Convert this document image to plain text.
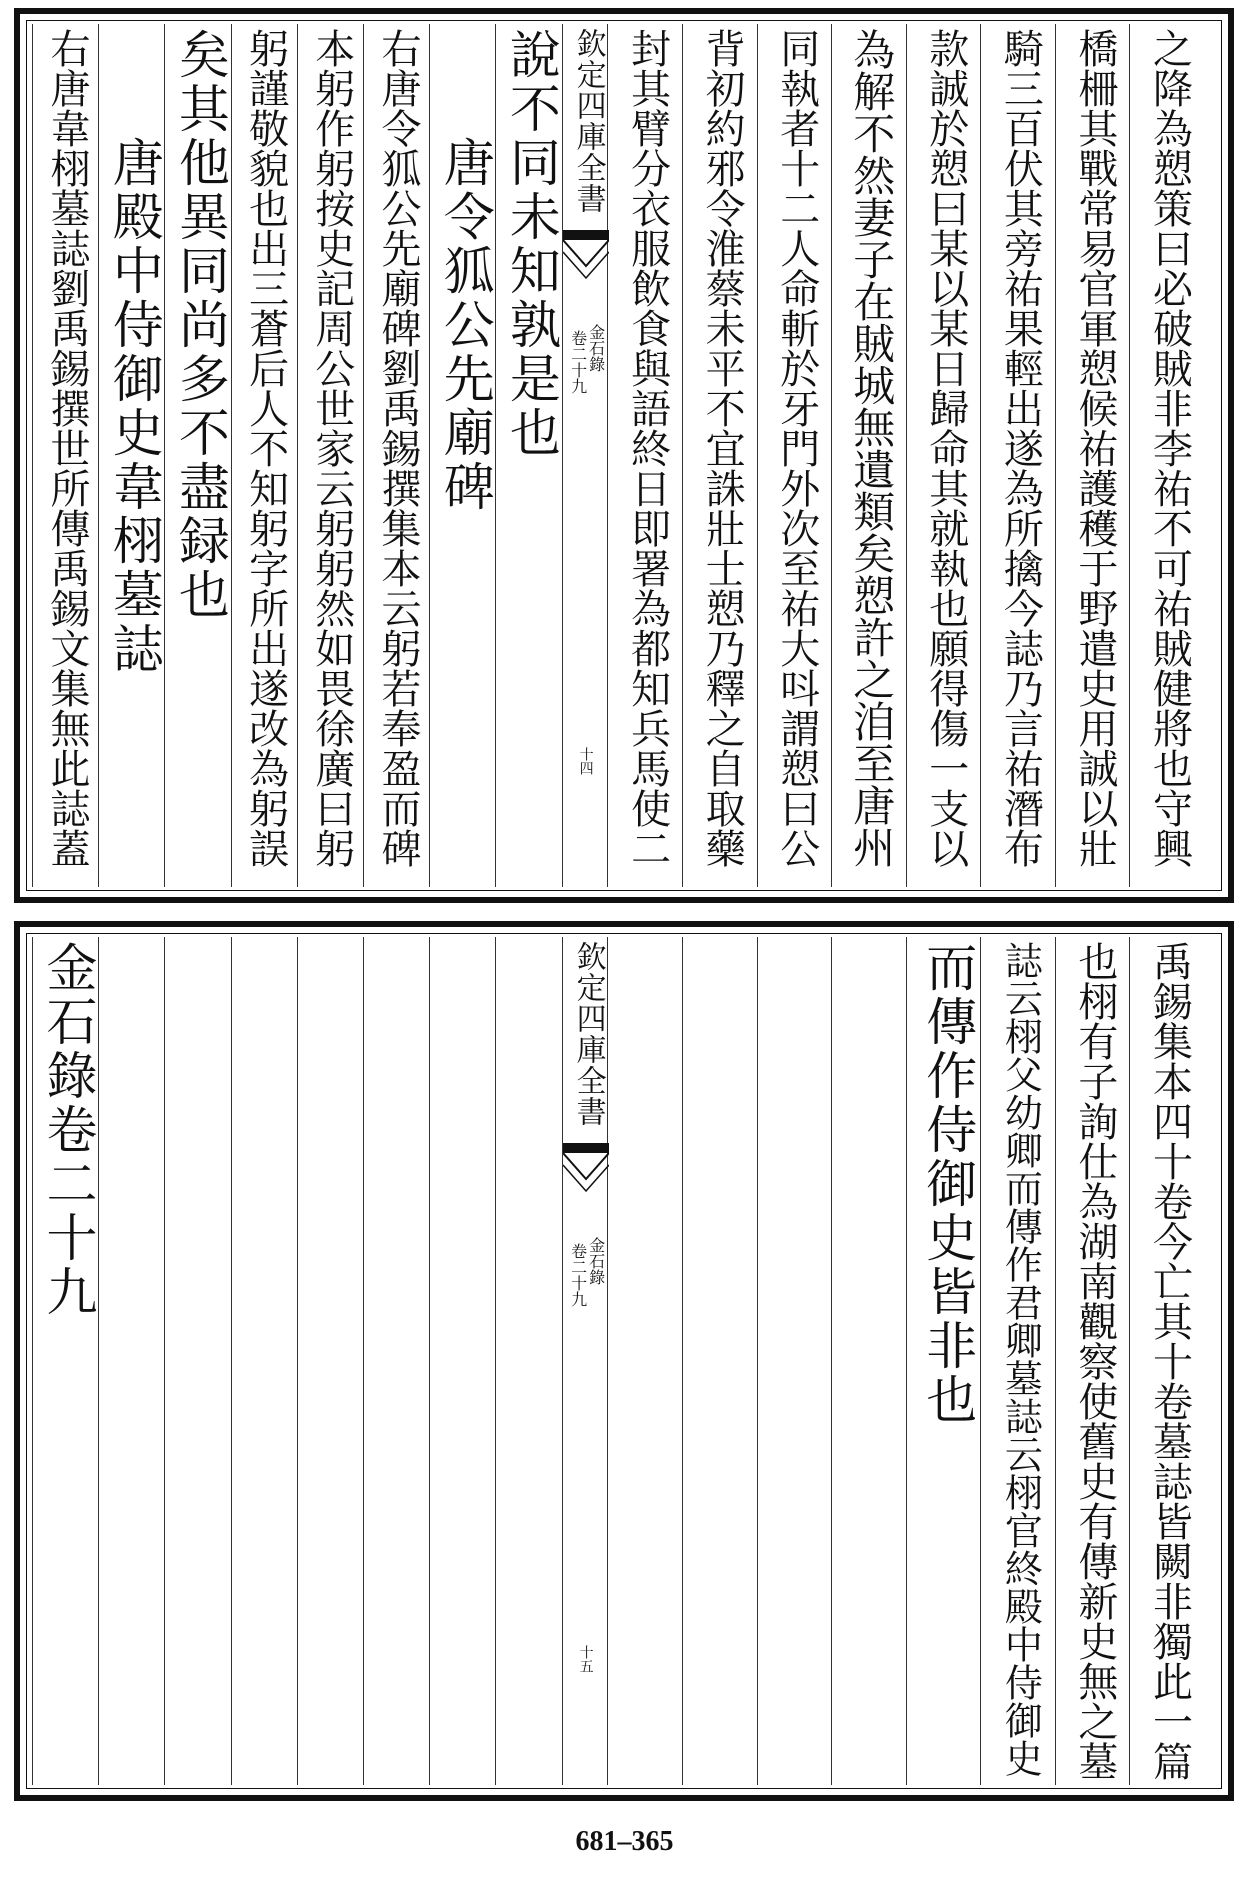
說不同未知孰是也
　　唐令狐公先廟碑
右唐令狐公先廟碑劉禹錫撰集本云躬若奉盈而碑
本躬作躬按史記周公世家云躬躬然如畏徐廣曰躬
躬謹敬貌也出三蒼后人不知躬字所出遂改為躬誤
矣其他異同尚多不盡録也
　　唐殿中侍御史韋栩墓誌
右唐韋栩墓誌劉禹錫撰世所傳禹錫文集無此誌蓋	欽定四庫全書
金石錄
卷二十九
十四	之降為愬策曰必破賊非李祐不可祐賊健將也守興
橋柵其戰常易官軍愬候祐護穫于野遣史用誠以壯
騎三百伏其旁祐果輕出遂為所擒今誌乃言祐潛布
款誠於愬曰某以某日歸命其就執也願得傷一支以
為解不然妻子在賊城無遺類矣愬許之洎至唐州
同執者十二人命斬於牙門外次至祐大呌謂愬曰公
背初約邪令淮蔡未平不宜誅壯士愬乃釋之自取藥
封其臂分衣服飲食與語終日即署為都知兵馬使二
金石錄卷二十九	欽定四庫全書
金石錄
卷二十九
十五	禹錫集本四十卷今亡其十卷墓誌皆闕非獨此一篇
也栩有子詢仕為湖南觀察使舊史有傳新史無之墓
誌云栩父幼卿而傳作君卿墓誌云栩官終殿中侍御史
而傳作侍御史皆非也
681–365
